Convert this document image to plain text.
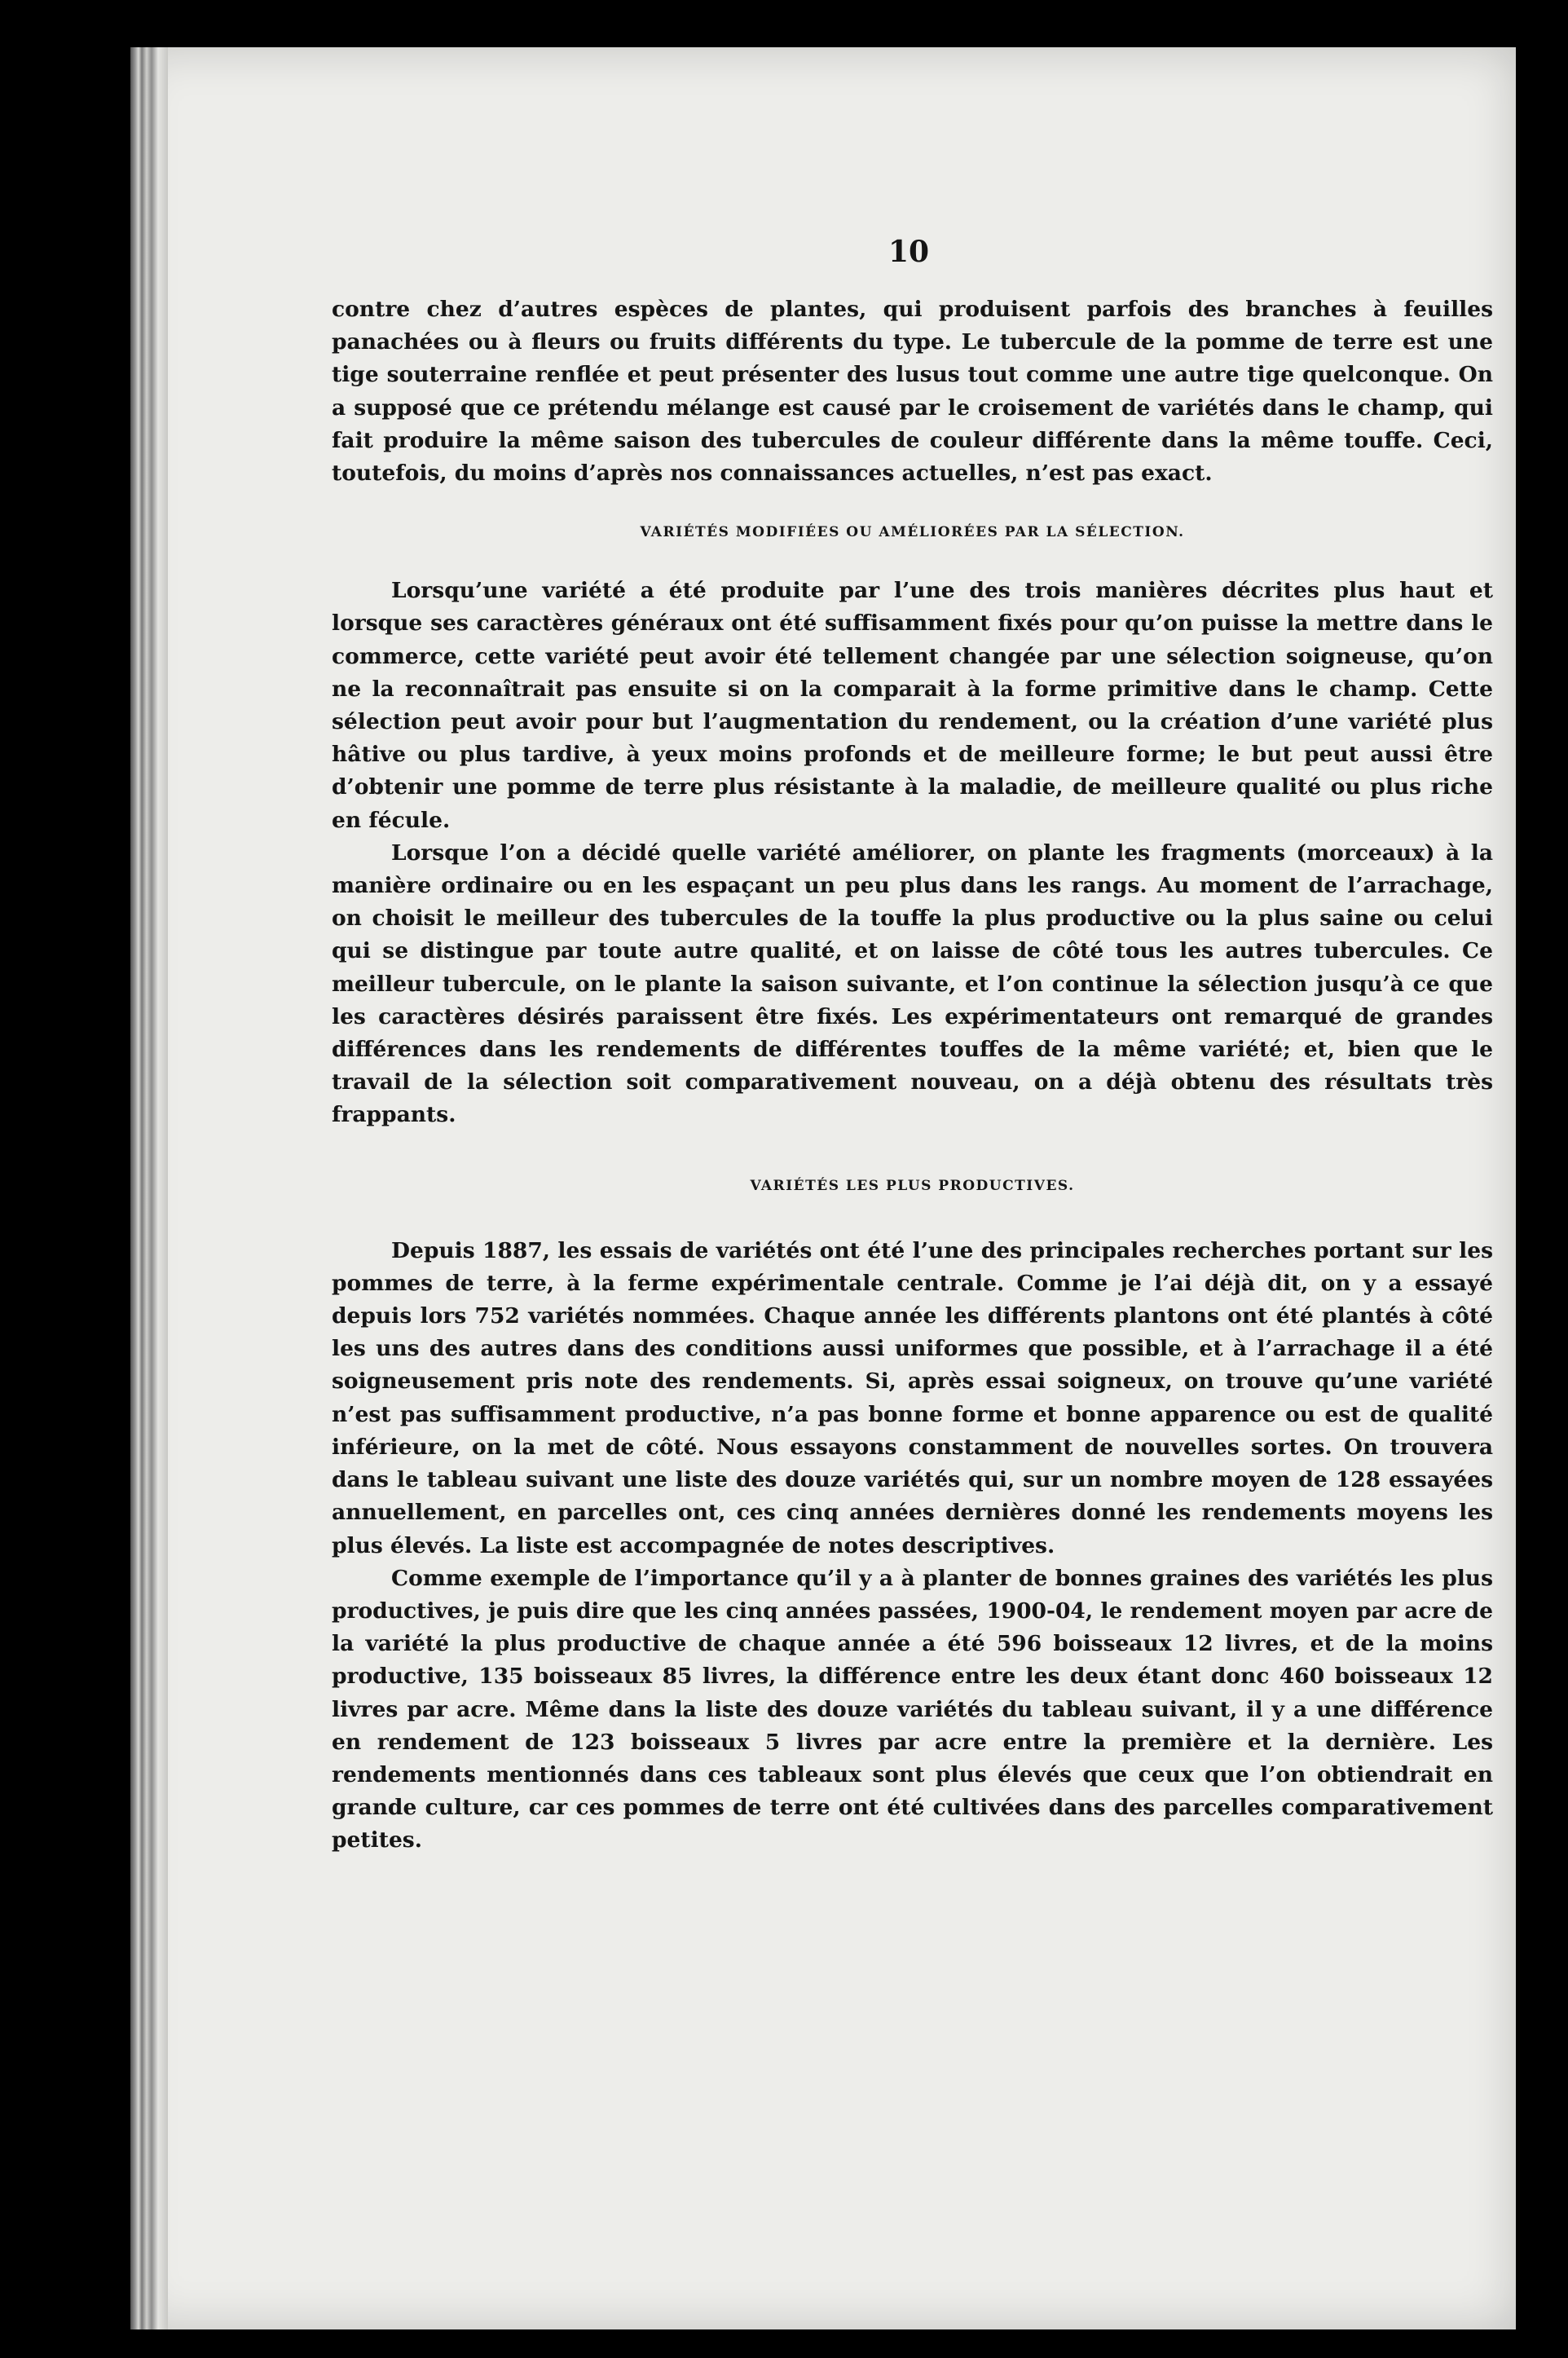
10

contre chez d’autres espèces de plantes, qui produisent parfois des branches à feuilles panachées ou à fleurs ou fruits différents du type. Le tubercule de la pomme de terre est une tige souterraine renflée et peut présenter des lusus tout comme une autre tige quelconque. On a supposé que ce prétendu mélange est causé par le croisement de variétés dans le champ, qui fait produire la même saison des tubercules de couleur différente dans la même touffe. Ceci, toutefois, du moins d’après nos connaissances actuelles, n’est pas exact.

VARIÉTÉS MODIFIÉES OU AMÉLIORÉES PAR LA SÉLECTION.

Lorsqu’une variété a été produite par l’une des trois manières décrites plus haut et lorsque ses caractères généraux ont été suffisamment fixés pour qu’on puisse la mettre dans le commerce, cette variété peut avoir été tellement changée par une sélection soigneuse, qu’on ne la reconnaîtrait pas ensuite si on la comparait à la forme primitive dans le champ. Cette sélection peut avoir pour but l’augmentation du rendement, ou la création d’une variété plus hâtive ou plus tardive, à yeux moins profonds et de meilleure forme; le but peut aussi être d’obtenir une pomme de terre plus résistante à la maladie, de meilleure qualité ou plus riche en fécule.

Lorsque l’on a décidé quelle variété améliorer, on plante les fragments (morceaux) à la manière ordinaire ou en les espaçant un peu plus dans les rangs. Au moment de l’arrachage, on choisit le meilleur des tubercules de la touffe la plus productive ou la plus saine ou celui qui se distingue par toute autre qualité, et on laisse de côté tous les autres tubercules. Ce meilleur tubercule, on le plante la saison suivante, et l’on continue la sélection jusqu’à ce que les caractères désirés paraissent être fixés. Les expérimentateurs ont remarqué de grandes différences dans les rendements de différentes touffes de la même variété; et, bien que le travail de la sélection soit comparativement nouveau, on a déjà obtenu des résultats très frappants.

VARIÉTÉS LES PLUS PRODUCTIVES.

Depuis 1887, les essais de variétés ont été l’une des principales recherches portant sur les pommes de terre, à la ferme expérimentale centrale. Comme je l’ai déjà dit, on y a essayé depuis lors 752 variétés nommées. Chaque année les différents plantons ont été plantés à côté les uns des autres dans des conditions aussi uniformes que possible, et à l’arrachage il a été soigneusement pris note des rendements. Si, après essai soigneux, on trouve qu’une variété n’est pas suffisamment productive, n’a pas bonne forme et bonne apparence ou est de qualité inférieure, on la met de côté. Nous essayons constamment de nouvelles sortes. On trouvera dans le tableau suivant une liste des douze variétés qui, sur un nombre moyen de 128 essayées annuellement, en parcelles ont, ces cinq années dernières donné les rendements moyens les plus élevés. La liste est accompagnée de notes descriptives.

Comme exemple de l’importance qu’il y a à planter de bonnes graines des variétés les plus productives, je puis dire que les cinq années passées, 1900-04, le rendement moyen par acre de la variété la plus productive de chaque année a été 596 boisseaux 12 livres, et de la moins productive, 135 boisseaux 85 livres, la différence entre les deux étant donc 460 boisseaux 12 livres par acre. Même dans la liste des douze variétés du tableau suivant, il y a une différence en rendement de 123 boisseaux 5 livres par acre entre la première et la dernière. Les rendements mentionnés dans ces tableaux sont plus élevés que ceux que l’on obtiendrait en grande culture, car ces pommes de terre ont été cultivées dans des parcelles comparativement petites.
